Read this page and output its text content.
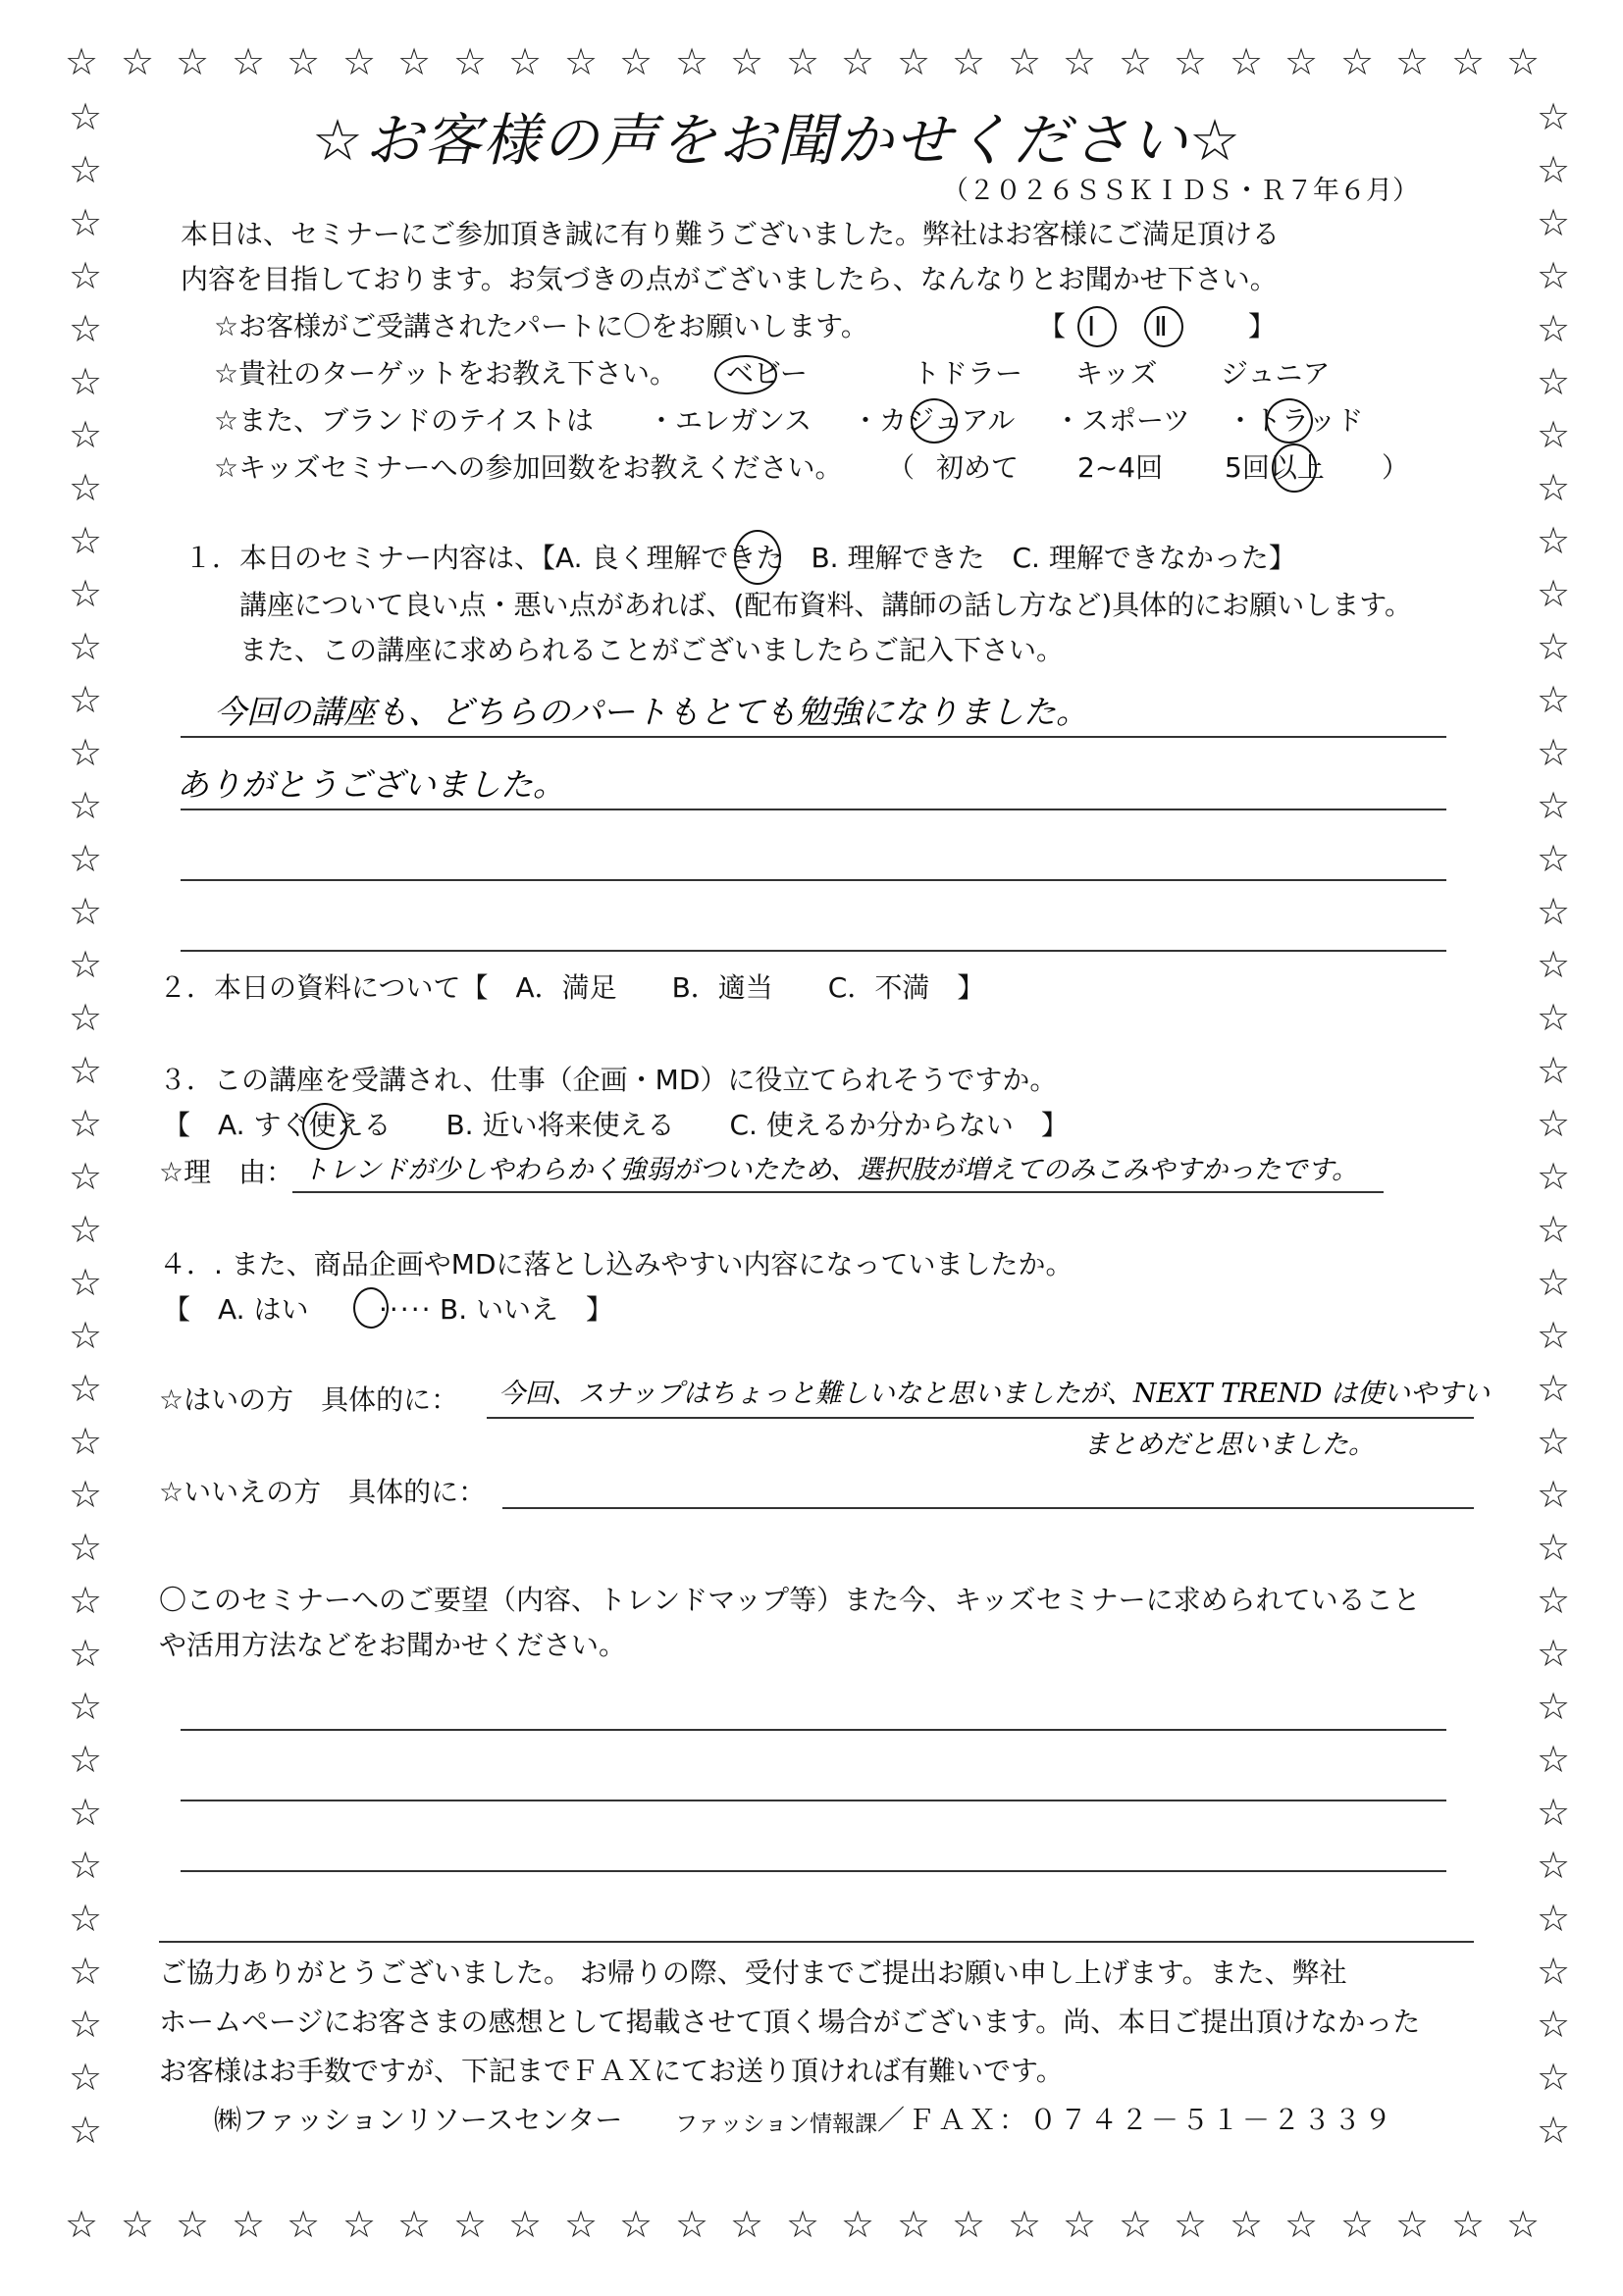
☆
☆
☆
☆
☆
☆
☆
☆
☆
☆
☆
☆
☆
☆
☆
☆
☆
☆
☆
☆
☆
☆
☆
☆
☆
☆
☆
☆
☆
☆
☆
☆
☆
☆
☆
☆
☆
☆
☆
☆
☆
☆
☆
☆
☆
☆
☆
☆
☆
☆
☆
☆
☆
☆
☆	☆
☆	☆
☆	☆
☆	☆
☆	☆
☆	☆
☆	☆
☆	☆
☆	☆
☆	☆
☆	☆
☆	☆
☆	☆
☆	☆
☆	☆
☆	☆
☆	☆
☆	☆
☆	☆
☆	☆
☆	☆
☆	☆
☆	☆
☆	☆
☆	☆
☆	☆
☆	☆
☆	☆
☆	☆
☆	☆
☆	☆
☆	☆
☆	☆
☆	☆
☆	☆
☆	☆
☆	☆
☆	☆
☆	☆
☆お客様の声をお聞かせください☆
（２０２６ＳＳＫＩＤＳ・Ｒ７年６月）
本日は、セミナーにご参加頂き誠に有り難うございました。弊社はお客様にご満足頂ける
内容を目指しております。お気づきの点がございましたら、なんなりとお聞かせ下さい。
☆お客様がご受講されたパートに〇をお願いします。	【 Ⅰ Ⅱ	】
☆貴社のターゲットをお教え下さい。 ベビー	トドラー キッズ ジュニア
☆また、ブランドのテイストは ・エレガンス ・カジュアル ・スポーツ ・トラッド
☆キッズセミナーへの参加回数をお教えください。 （ 初めて 2~4回 5回以上 ）
１．本日のセミナー内容は、【A. 良く理解できた　B. 理解できた　C. 理解できなかった】
講座について良い点・悪い点があれば、(配布資料、講師の話し方など)具体的にお願いします。
また、この講座に求められることがございましたらご記入下さい。
今回の講座も、どちらのパートもとても勉強になりました。
ありがとうございました。
２．本日の資料について【　A．満足　　B．適当　　C．不満　】
３．この講座を受講され、仕事（企画・MD）に役立てられそうですか。
【　A. すぐ使える　　B. 近い将来使える　　C. 使えるか分からない　】
☆理　由： トレンドが少しやわらかく強弱がついたため、選択肢が増えてのみこみやすかったです。
４．. また、商品企画やMDに落とし込みやすい内容になっていましたか。
【　A. はい	····· B. いいえ　】
☆はいの方　具体的に： 今回、スナップはちょっと難しいなと思いましたが、NEXT TREND は使いやすい
まとめだと思いました。
☆いいえの方　具体的に：
〇このセミナーへのご要望（内容、トレンドマップ等）また今、キッズセミナーに求められていること
や活用方法などをお聞かせください。
ご協力ありがとうございました。 お帰りの際、受付までご提出お願い申し上げます。また、弊社
ホームページにお客さまの感想として掲載させて頂く場合がございます。尚、本日ご提出頂けなかった
お客様はお手数ですが、下記までＦＡＸにてお送り頂ければ有難いです。
㈱ファッションリソースセンター ファッション情報課 ／ＦＡＸ：０７４２－５１－２３３９
